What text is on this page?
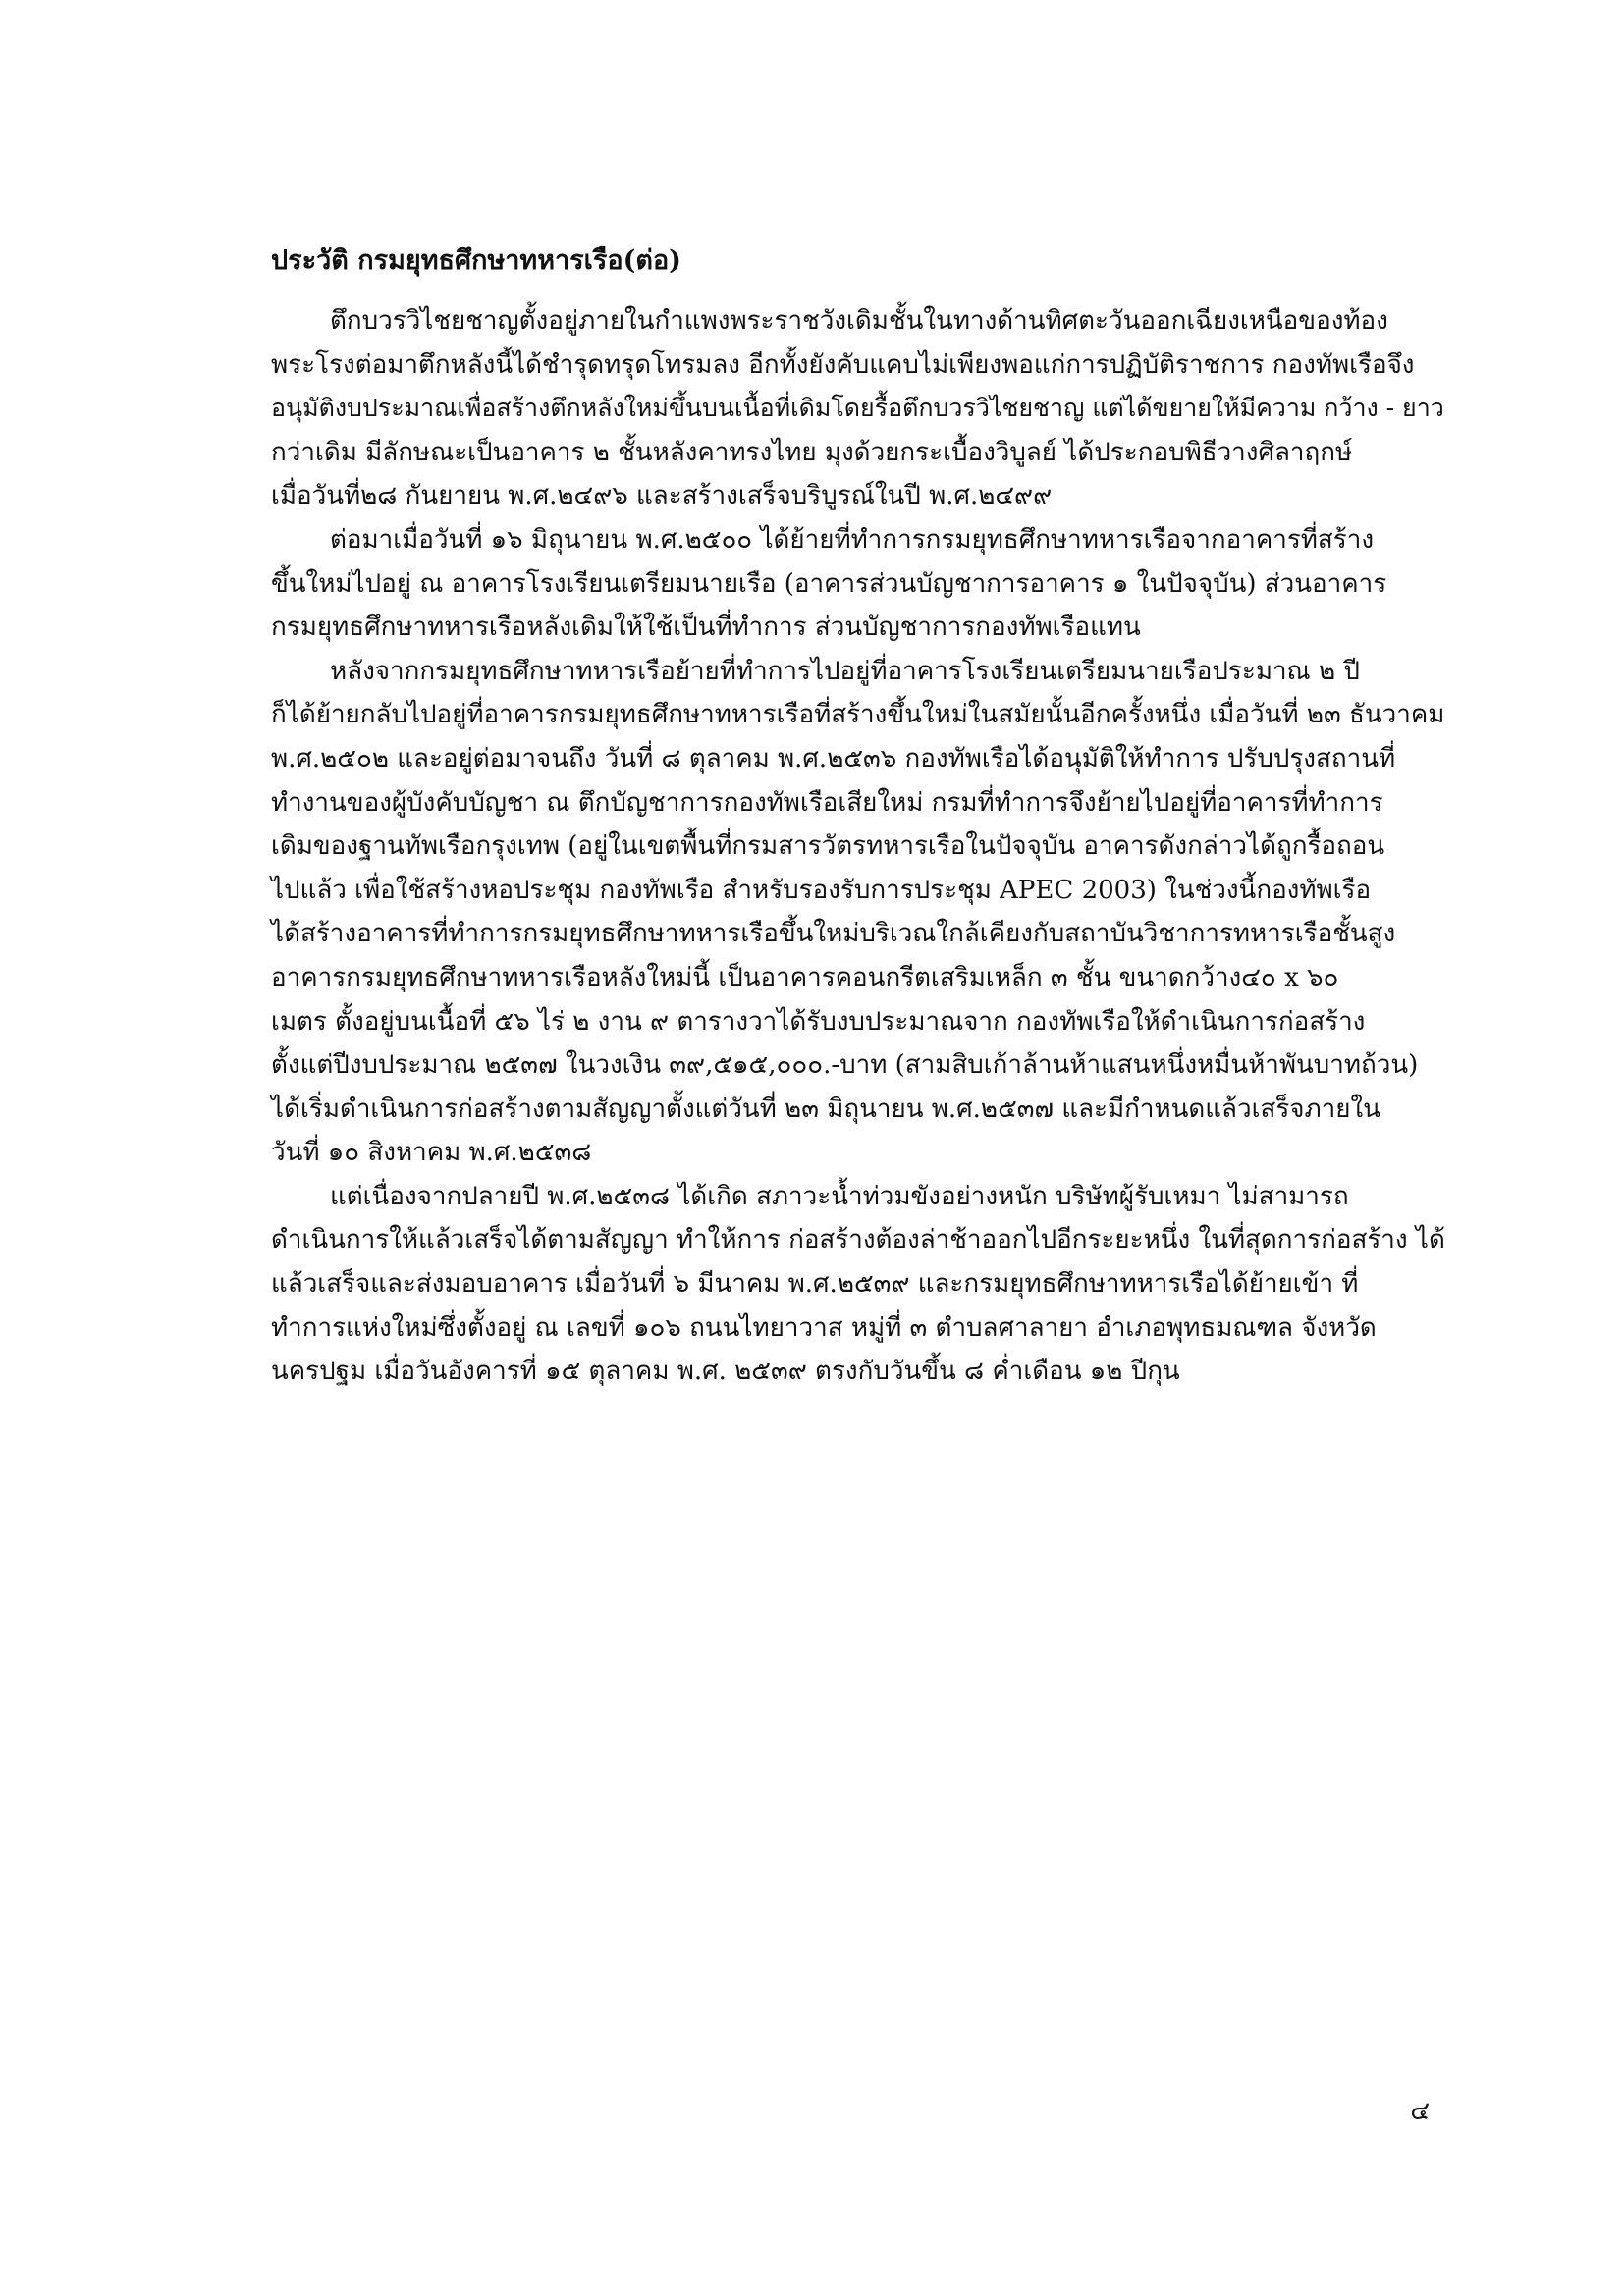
ประวัติ กรมยุทธศึกษาทหารเรือ(ต่อ)

ตึกบวรวิไชยชาญตั้งอยู่ภายในกำแพงพระราชวังเดิมชั้นในทางด้านทิศตะวันออกเฉียงเหนือของท้อง
พระโรงต่อมาตึกหลังนี้ได้ชำรุดทรุดโทรมลง อีกทั้งยังคับแคบไม่เพียงพอแก่การปฏิบัติราชการ กองทัพเรือจึง
อนุมัติงบประมาณเพื่อสร้างตึกหลังใหม่ขึ้นบนเนื้อที่เดิมโดยรื้อตึกบวรวิไชยชาญ แต่ได้ขยายให้มีความ กว้าง - ยาว
กว่าเดิม มีลักษณะเป็นอาคาร ๒ ชั้นหลังคาทรงไทย มุงด้วยกระเบื้องวิบูลย์ ได้ประกอบพิธีวางศิลาฤกษ์
เมื่อวันที่๒๘ กันยายน พ.ศ.๒๔๙๖ และสร้างเสร็จบริบูรณ์ในปี พ.ศ.๒๔๙๙

ต่อมาเมื่อวันที่ ๑๖ มิถุนายน พ.ศ.๒๕๐๐ ได้ย้ายที่ทำการกรมยุทธศึกษาทหารเรือจากอาคารที่สร้าง
ขึ้นใหม่ไปอยู่ ณ อาคารโรงเรียนเตรียมนายเรือ (อาคารส่วนบัญชาการอาคาร ๑ ในปัจจุบัน) ส่วนอาคาร
กรมยุทธศึกษาทหารเรือหลังเดิมให้ใช้เป็นที่ทำการ ส่วนบัญชาการกองทัพเรือแทน

หลังจากกรมยุทธศึกษาทหารเรือย้ายที่ทำการไปอยู่ที่อาคารโรงเรียนเตรียมนายเรือประมาณ ๒ ปี
ก็ได้ย้ายกลับไปอยู่ที่อาคารกรมยุทธศึกษาทหารเรือที่สร้างขึ้นใหม่ในสมัยนั้นอีกครั้งหนึ่ง เมื่อวันที่ ๒๓ ธันวาคม
พ.ศ.๒๕๐๒ และอยู่ต่อมาจนถึง วันที่ ๘ ตุลาคม พ.ศ.๒๕๓๖ กองทัพเรือได้อนุมัติให้ทำการ ปรับปรุงสถานที่
ทำงานของผู้บังคับบัญชา ณ ตึกบัญชาการกองทัพเรือเสียใหม่ กรมที่ทำการจึงย้ายไปอยู่ที่อาคารที่ทำการ
เดิมของฐานทัพเรือกรุงเทพ (อยู่ในเขตพื้นที่กรมสารวัตรทหารเรือในปัจจุบัน อาคารดังกล่าวได้ถูกรื้อถอน
ไปแล้ว เพื่อใช้สร้างหอประชุม กองทัพเรือ สำหรับรองรับการประชุม APEC 2003) ในช่วงนี้กองทัพเรือ
ได้สร้างอาคารที่ทำการกรมยุทธศึกษาทหารเรือขึ้นใหม่บริเวณใกล้เคียงกับสถาบันวิชาการทหารเรือชั้นสูง
อาคารกรมยุทธศึกษาทหารเรือหลังใหม่นี้ เป็นอาคารคอนกรีตเสริมเหล็ก ๓ ชั้น ขนาดกว้าง๔๐ x ๖๐
เมตร ตั้งอยู่บนเนื้อที่ ๕๖ ไร่ ๒ งาน ๙ ตารางวาได้รับงบประมาณจาก กองทัพเรือให้ดำเนินการก่อสร้าง
ตั้งแต่ปีงบประมาณ ๒๕๓๗ ในวงเงิน ๓๙,๕๑๕,๐๐๐.-บาท (สามสิบเก้าล้านห้าแสนหนึ่งหมื่นห้าพันบาทถ้วน)
ได้เริ่มดำเนินการก่อสร้างตามสัญญาตั้งแต่วันที่ ๒๓ มิถุนายน พ.ศ.๒๕๓๗ และมีกำหนดแล้วเสร็จภายใน
วันที่ ๑๐ สิงหาคม พ.ศ.๒๕๓๘

แต่เนื่องจากปลายปี พ.ศ.๒๕๓๘ ได้เกิด สภาวะน้ำท่วมขังอย่างหนัก บริษัทผู้รับเหมา ไม่สามารถ
ดำเนินการให้แล้วเสร็จได้ตามสัญญา ทำให้การ ก่อสร้างต้องล่าช้าออกไปอีกระยะหนึ่ง ในที่สุดการก่อสร้าง ได้
แล้วเสร็จและส่งมอบอาคาร เมื่อวันที่ ๖ มีนาคม พ.ศ.๒๕๓๙ และกรมยุทธศึกษาทหารเรือได้ย้ายเข้า ที่
ทำการแห่งใหม่ซึ่งตั้งอยู่ ณ เลขที่ ๑๐๖ ถนนไทยาวาส หมู่ที่ ๓ ตำบลศาลายา อำเภอพุทธมณฑล จังหวัด
นครปฐม เมื่อวันอังคารที่ ๑๕ ตุลาคม พ.ศ. ๒๕๓๙ ตรงกับวันขึ้น ๘ ค่ำเดือน ๑๒ ปีกุน

๔
